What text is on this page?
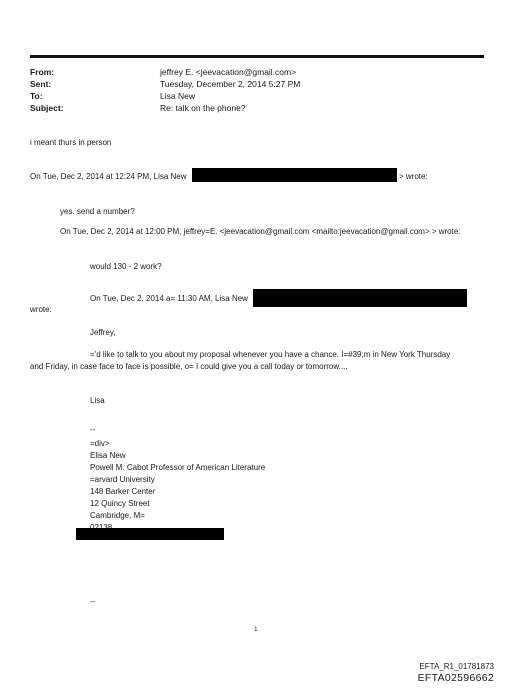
From:	jeffrey E. <jeevacation@gmail.com>
Sent:	Tuesday, December 2, 2014 5:27 PM
To:	Lisa New
Subject:	Re: talk on the phone?
i meant thurs in person
On Tue, Dec 2, 2014 at 12:24 PM, Lisa New	> wrote:
yes. send a number?
On Tue, Dec 2, 2014 at 12:00 PM, jeffrey=E. <jeevacation@gmail.com <mailto:jeevacation@gmail.com> > wrote:
would 130 - 2 work?
On Tue, Dec 2, 2014 a= 11:30 AM, Lisa New
wrote:
Jeffrey,
='d like to talk to you about my proposal whenever you have a chance. I=#39;m in New York Thursday
and Friday, in case face to face is possible, o= I could give you a call today or tomorrow....
Lisa
--
=div>
Elisa New
Powell M. Cabot Professor of American Literature
=arvard University
148 Barker Center
12 Quincy Street
Cambridge, M=
--
1
EFTA_R1_01781873
EFTA02596662
